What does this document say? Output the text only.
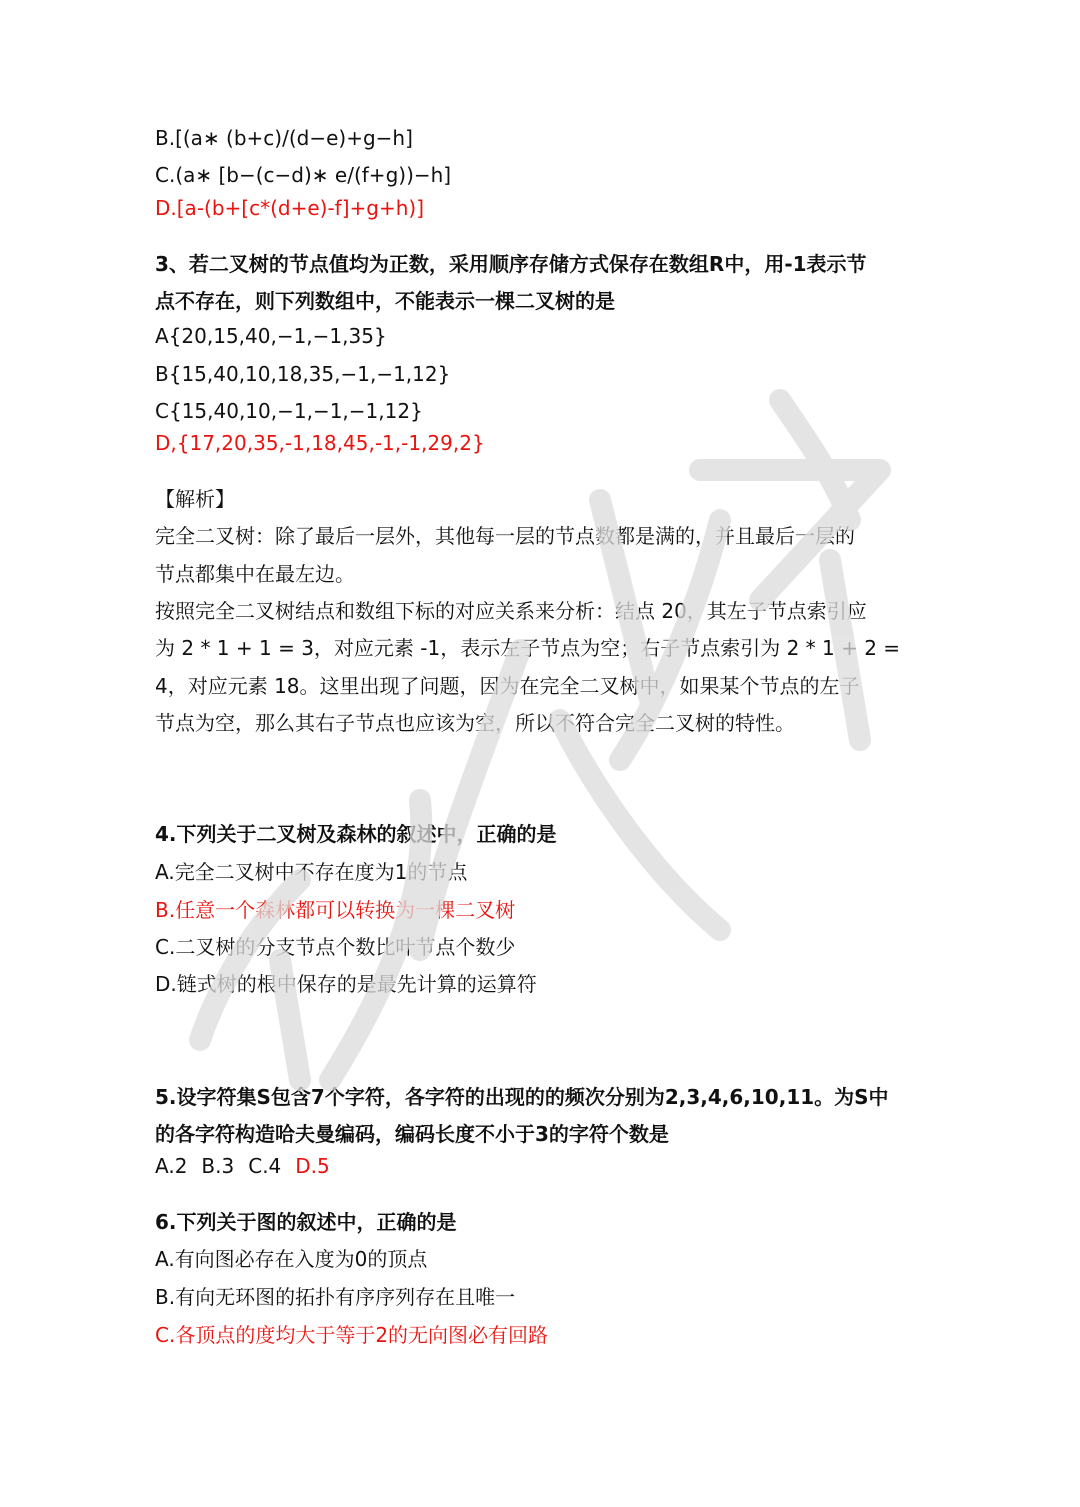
B.[(a∗ (b+c)/(d−e)+g−h]

C.(a∗ [b−(c−d)∗ e/(f+g))−h]

D.[a-(b+[c*(d+e)-f]+g+h)]

3、若二叉树的节点值均为正数，采用顺序存储方式保存在数组R中，用-1表示节

点不存在，则下列数组中，不能表示一棵二叉树的是

A{20,15,40,−1,−1,35}

B{15,40,10,18,35,−1,−1,12}

C{15,40,10,−1,−1,−1,12}

D,{17,20,35,-1,18,45,-1,-1,29,2}

【解析】

完全二叉树：除了最后一层外，其他每一层的节点数都是满的，并且最后一层的

节点都集中在最左边。

按照完全二叉树结点和数组下标的对应关系来分析：结点 20，其左子节点索引应

为 2 * 1 + 1 = 3，对应元素 -1，表示左子节点为空；右子节点索引为 2 * 1 + 2 =

4，对应元素 18。这里出现了问题，因为在完全二叉树中，如果某个节点的左子

节点为空，那么其右子节点也应该为空，所以不符合完全二叉树的特性。

4.下列关于二叉树及森林的叙述中，正确的是

A.完全二叉树中不存在度为1的节点

B.任意一个森林都可以转换为一棵二叉树

C.二叉树的分支节点个数比叶节点个数少

D.链式树的根中保存的是最先计算的运算符

5.设字符集S包含7个字符，各字符的出现的的频次分别为2,3,4,6,10,11。为S中

的各字符构造哈夫曼编码，编码长度不小于3的字符个数是

A.2 B.3 C.4 D.5

6.下列关于图的叙述中，正确的是

A.有向图必存在入度为0的顶点

B.有向无环图的拓扑有序序列存在且唯一

C.各顶点的度均大于等于2的无向图必有回路
